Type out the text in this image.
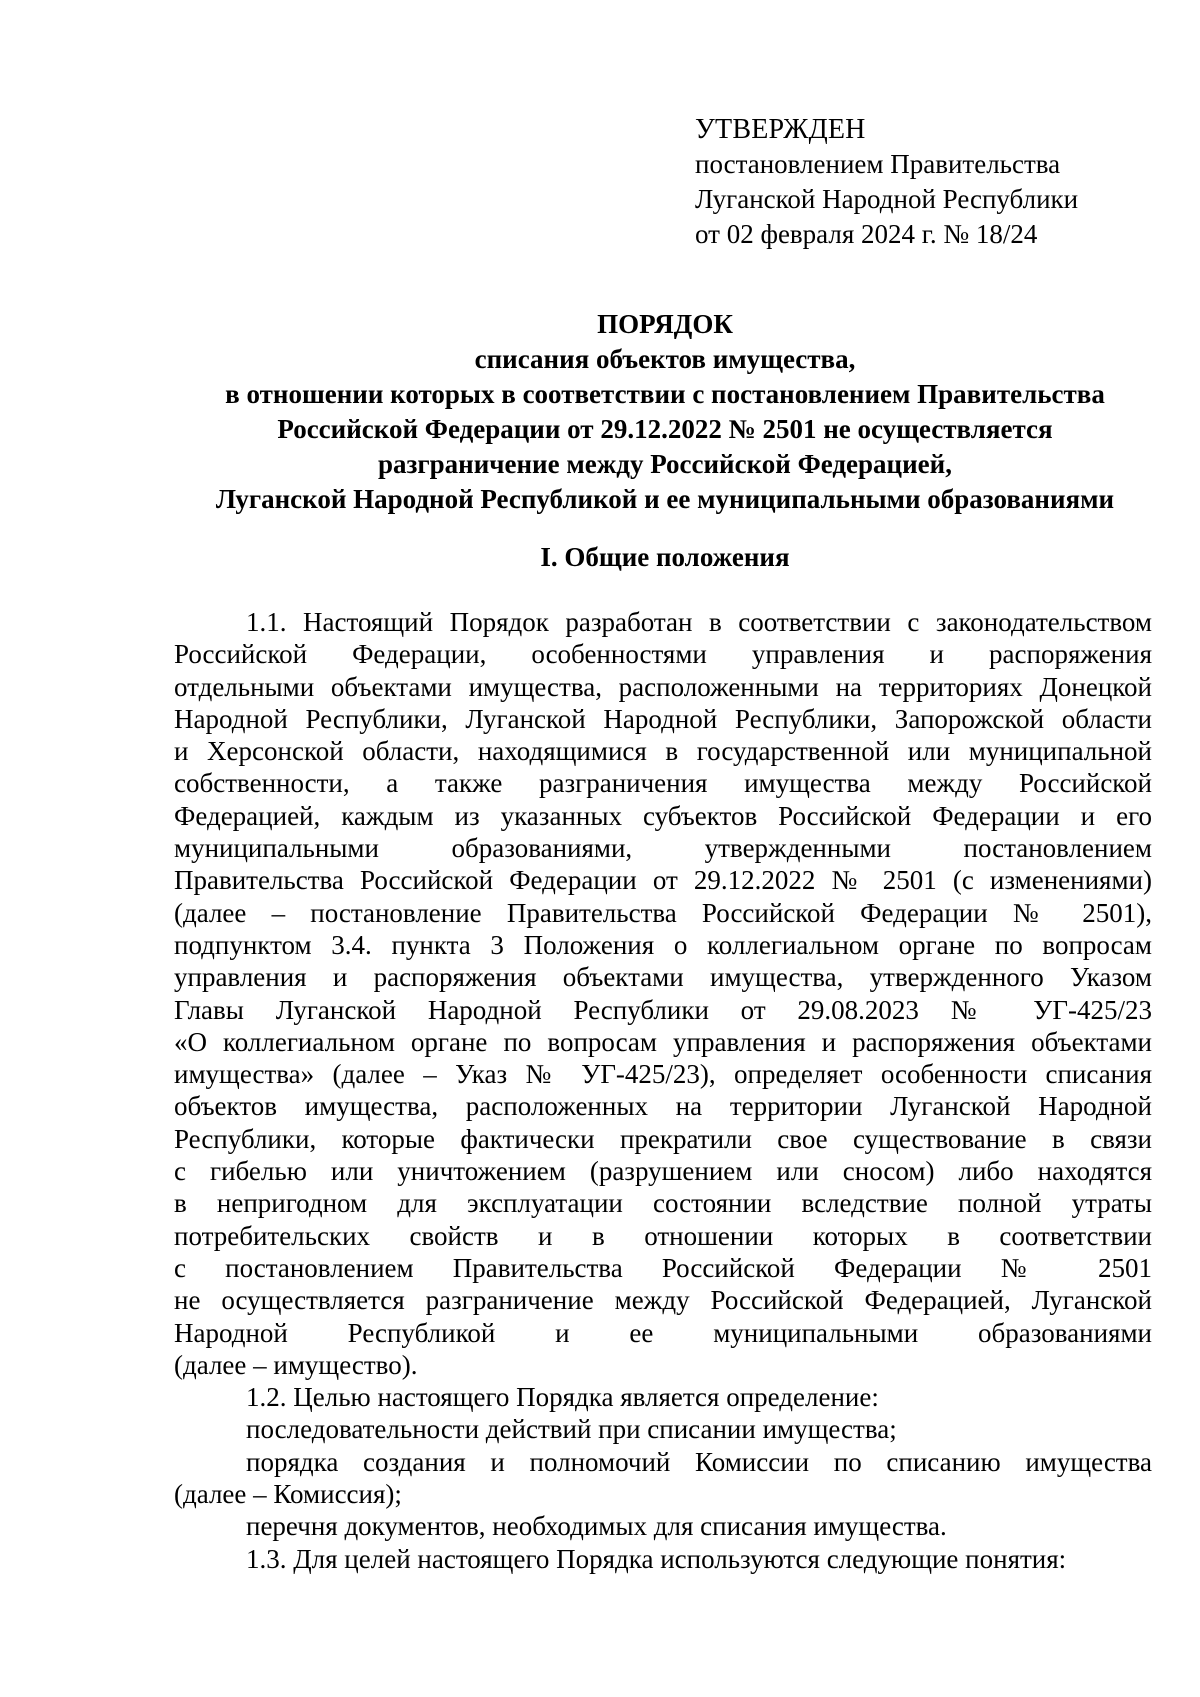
УТВЕРЖДЕН
постановлением Правительства
Луганской Народной Республики
от 02 февраля 2024 г. № 18/24
ПОРЯДОК
списания объектов имущества,
в отношении которых в соответствии с постановлением Правительства
Российской Федерации от 29.12.2022 № 2501 не осуществляется
разграничение между Российской Федерацией,
Луганской Народной Республикой и ее муниципальными образованиями
I. Общие положения
1.1. Настоящий Порядок разработан в соответствии с законодательством
Российской Федерации, особенностями управления и распоряжения
отдельными объектами имущества, расположенными на территориях Донецкой
Народной Республики, Луганской Народной Республики, Запорожской области
и Херсонской области, находящимися в государственной или муниципальной
собственности, а также разграничения имущества между Российской
Федерацией, каждым из указанных субъектов Российской Федерации и его
муниципальными образованиями, утвержденными постановлением
Правительства Российской Федерации от 29.12.2022 № 2501 (с изменениями)
(далее – постановление Правительства Российской Федерации № 2501),
подпунктом 3.4. пункта 3 Положения о коллегиальном органе по вопросам
управления и распоряжения объектами имущества, утвержденного Указом
Главы Луганской Народной Республики от 29.08.2023 № УГ-425/23
«О коллегиальном органе по вопросам управления и распоряжения объектами
имущества» (далее – Указ № УГ-425/23), определяет особенности списания
объектов имущества, расположенных на территории Луганской Народной
Республики, которые фактически прекратили свое существование в связи
с гибелью или уничтожением (разрушением или сносом) либо находятся
в непригодном для эксплуатации состоянии вследствие полной утраты
потребительских свойств и в отношении которых в соответствии
с постановлением Правительства Российской Федерации № 2501
не осуществляется разграничение между Российской Федерацией, Луганской
Народной Республикой и ее муниципальными образованиями
(далее – имущество).
1.2. Целью настоящего Порядка является определение:
последовательности действий при списании имущества;
порядка создания и полномочий Комиссии по списанию имущества
(далее – Комиссия);
перечня документов, необходимых для списания имущества.
1.3. Для целей настоящего Порядка используются следующие понятия:
